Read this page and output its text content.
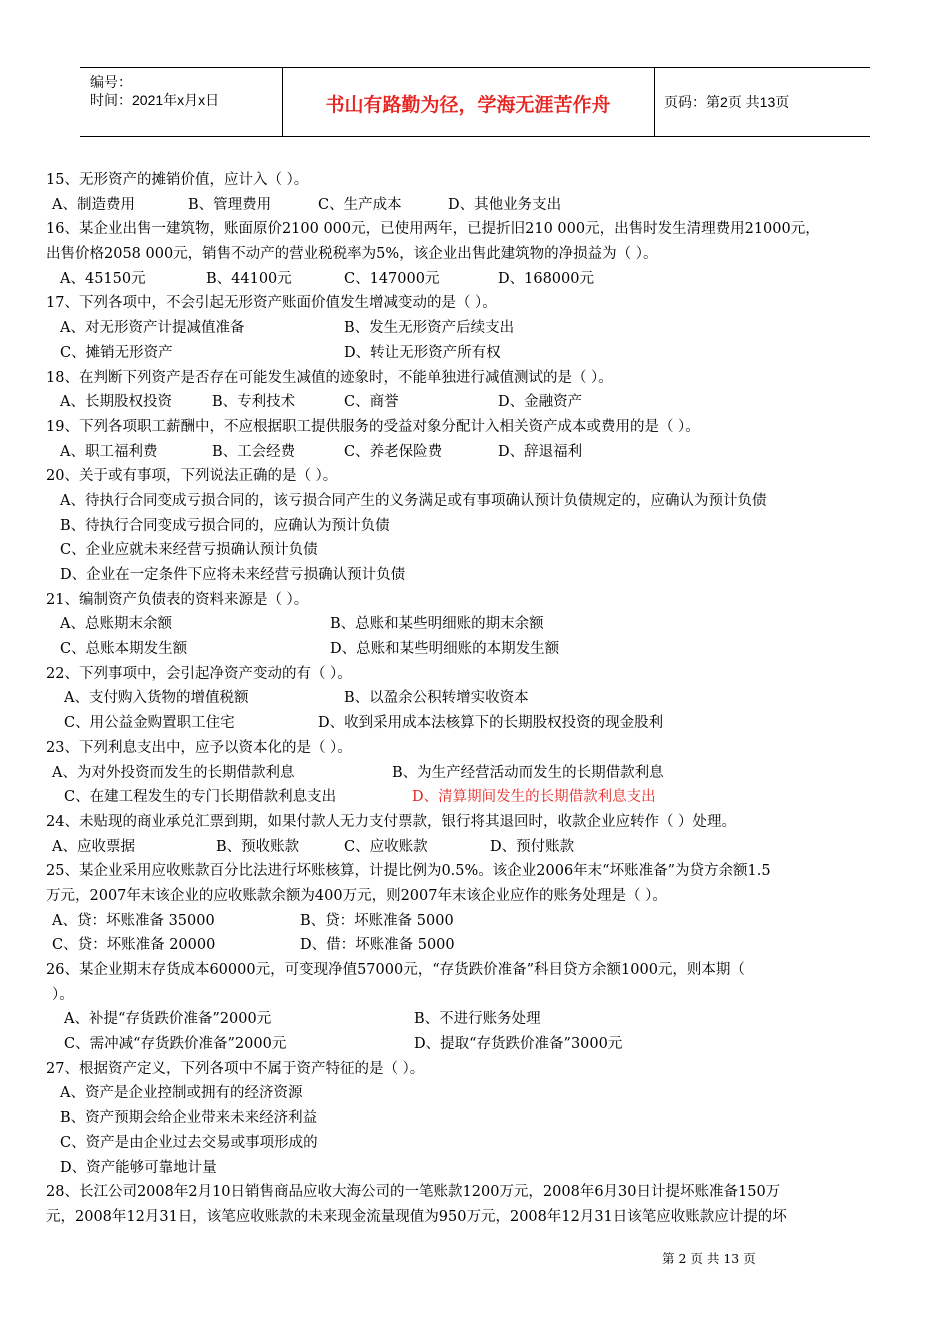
编号：
时间：2021年x月x日	书山有路勤为径，学海无涯苦作舟	页码：第2页 共13页
15、无形资产的摊销价值，应计入（ ）。
A、制造费用	B、管理费用	C、生产成本	D、其他业务支出
16、某企业出售一建筑物，账面原价2100 000元，已使用两年，已提折旧210 000元，出售时发生清理费用21000元，
出售价格2058 000元，销售不动产的营业税税率为5%，该企业出售此建筑物的净损益为（ ）。
A、45150元	B、44100元	C、147000元	D、168000元
17、下列各项中，不会引起无形资产账面价值发生增减变动的是（ ）。
A、对无形资产计提减值准备	B、发生无形资产后续支出
C、摊销无形资产	D、转让无形资产所有权
18、在判断下列资产是否存在可能发生减值的迹象时，不能单独进行减值测试的是（ ）。
A、长期股权投资	B、专利技术	C、商誉	D、金融资产
19、下列各项职工薪酬中，不应根据职工提供服务的受益对象分配计入相关资产成本或费用的是（ ）。
A、职工福利费	B、工会经费	C、养老保险费	D、辞退福利
20、关于或有事项，下列说法正确的是（ ）。
A、待执行合同变成亏损合同的，该亏损合同产生的义务满足或有事项确认预计负债规定的，应确认为预计负债
B、待执行合同变成亏损合同的，应确认为预计负债
C、企业应就未来经营亏损确认预计负债
D、企业在一定条件下应将未来经营亏损确认预计负债
21、编制资产负债表的资料来源是（ ）。
A、总账期末余额	B、总账和某些明细账的期末余额
C、总账本期发生额	D、总账和某些明细账的本期发生额
22、下列事项中，会引起净资产变动的有（ ）。
A、支付购入货物的增值税额	B、以盈余公积转增实收资本
C、用公益金购置职工住宅	D、收到采用成本法核算下的长期股权投资的现金股利
23、下列利息支出中，应予以资本化的是（ ）。
A、为对外投资而发生的长期借款利息	B、为生产经营活动而发生的长期借款利息
C、在建工程发生的专门长期借款利息支出	D、清算期间发生的长期借款利息支出
24、未贴现的商业承兑汇票到期，如果付款人无力支付票款，银行将其退回时，收款企业应转作（ ）处理。
A、应收票据	B、预收账款	C、应收账款	D、预付账款
25、某企业采用应收账款百分比法进行坏账核算，计提比例为0.5%。该企业2006年末“坏账准备”为贷方余额1.5
万元，2007年末该企业的应收账款余额为400万元，则2007年末该企业应作的账务处理是（ ）。
A、贷：坏账准备 35000	B、贷：坏账准备 5000
C、贷：坏账准备 20000	D、借：坏账准备 5000
26、某企业期末存货成本60000元，可变现净值57000元，“存货跌价准备”科目贷方余额1000元，则本期（
）。
A、补提“存货跌价准备”2000元	B、不进行账务处理
C、需冲减“存货跌价准备”2000元	D、提取“存货跌价准备”3000元
27、根据资产定义，下列各项中不属于资产特征的是（ ）。
A、资产是企业控制或拥有的经济资源
B、资产预期会给企业带来未来经济利益
C、资产是由企业过去交易或事项形成的
D、资产能够可靠地计量
28、长江公司2008年2月10日销售商品应收大海公司的一笔账款1200万元，2008年6月30日计提坏账准备150万
元，2008年12月31日，该笔应收账款的未来现金流量现值为950万元，2008年12月31日该笔应收账款应计提的坏
第 2 页 共 13 页
